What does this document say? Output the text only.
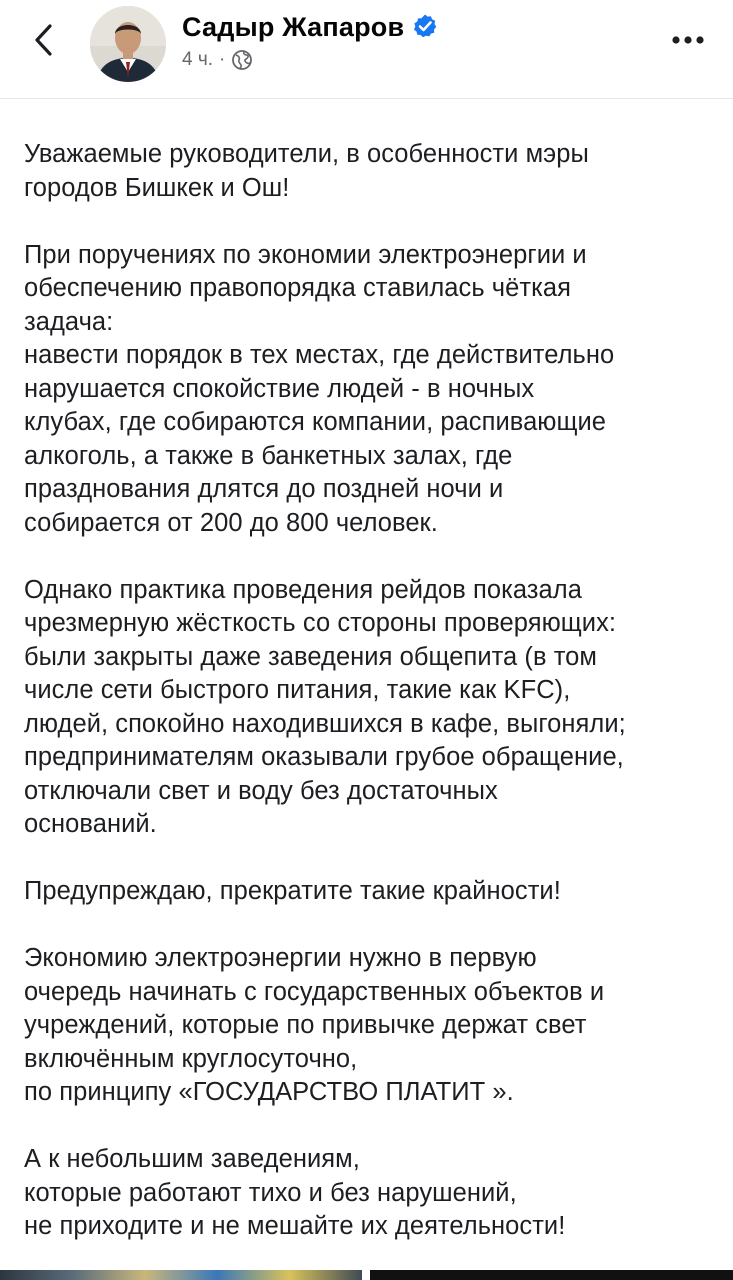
Садыр Жапаров
4 ч. ·

Уважаемые руководители, в особенности мэры
городов Бишкек и Ош!

При поручениях по экономии электроэнергии и
обеспечению правопорядка ставилась чёткая
задача:
навести порядок в тех местах, где действительно
нарушается спокойствие людей - в ночных
клубах, где собираются компании, распивающие
алкоголь, а также в банкетных залах, где
празднования длятся до поздней ночи и
собирается от 200 до 800 человек.

Однако практика проведения рейдов показала
чрезмерную жёсткость со стороны проверяющих:
были закрыты даже заведения общепита (в том
числе сети быстрого питания, такие как KFC),
людей, спокойно находившихся в кафе, выгоняли;
предпринимателям оказывали грубое обращение,
отключали свет и воду без достаточных
оснований.

Предупреждаю, прекратите такие крайности!

Экономию электроэнергии нужно в первую
очередь начинать с государственных объектов и
учреждений, которые по привычке держат свет
включённым круглосуточно,
по принципу «ГОСУДАРСТВО ПЛАТИТ ».

А к небольшим заведениям,
которые работают тихо и без нарушений,
не приходите и не мешайте их деятельности!
